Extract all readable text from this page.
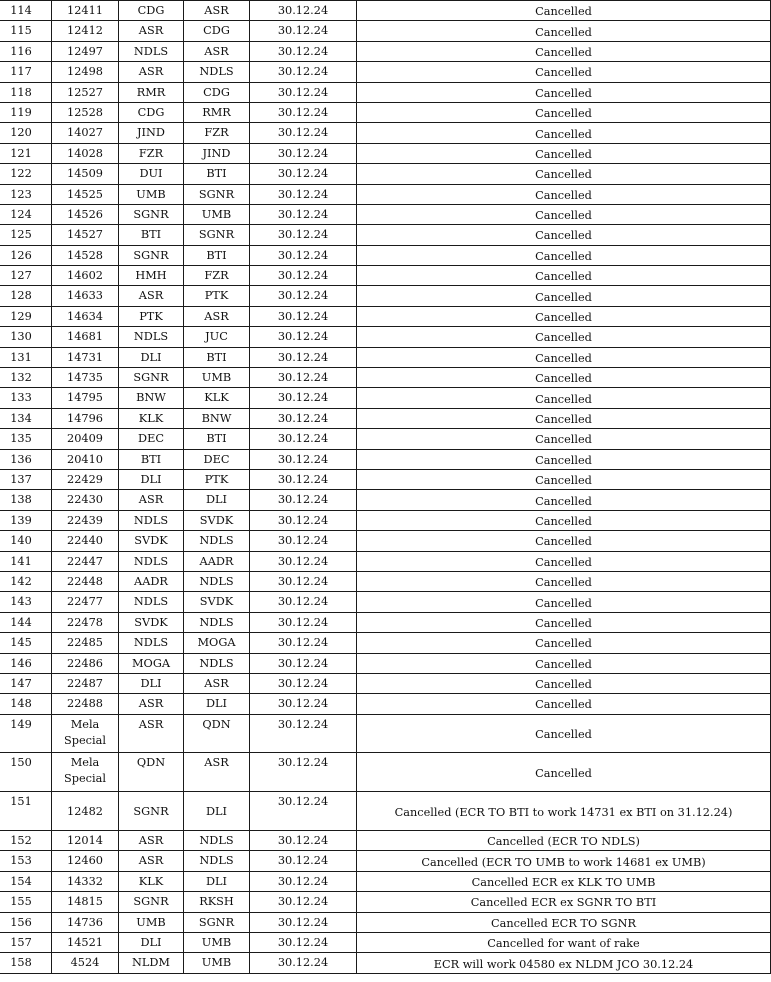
114	12411	CDG	ASR	30.12.24	Cancelled
115	12412	ASR	CDG	30.12.24	Cancelled
116	12497	NDLS	ASR	30.12.24	Cancelled
117	12498	ASR	NDLS	30.12.24	Cancelled
118	12527	RMR	CDG	30.12.24	Cancelled
119	12528	CDG	RMR	30.12.24	Cancelled
120	14027	JIND	FZR	30.12.24	Cancelled
121	14028	FZR	JIND	30.12.24	Cancelled
122	14509	DUI	BTI	30.12.24	Cancelled
123	14525	UMB	SGNR	30.12.24	Cancelled
124	14526	SGNR	UMB	30.12.24	Cancelled
125	14527	BTI	SGNR	30.12.24	Cancelled
126	14528	SGNR	BTI	30.12.24	Cancelled
127	14602	HMH	FZR	30.12.24	Cancelled
128	14633	ASR	PTK	30.12.24	Cancelled
129	14634	PTK	ASR	30.12.24	Cancelled
130	14681	NDLS	JUC	30.12.24	Cancelled
131	14731	DLI	BTI	30.12.24	Cancelled
132	14735	SGNR	UMB	30.12.24	Cancelled
133	14795	BNW	KLK	30.12.24	Cancelled
134	14796	KLK	BNW	30.12.24	Cancelled
135	20409	DEC	BTI	30.12.24	Cancelled
136	20410	BTI	DEC	30.12.24	Cancelled
137	22429	DLI	PTK	30.12.24	Cancelled
138	22430	ASR	DLI	30.12.24	Cancelled
139	22439	NDLS	SVDK	30.12.24	Cancelled
140	22440	SVDK	NDLS	30.12.24	Cancelled
141	22447	NDLS	AADR	30.12.24	Cancelled
142	22448	AADR	NDLS	30.12.24	Cancelled
143	22477	NDLS	SVDK	30.12.24	Cancelled
144	22478	SVDK	NDLS	30.12.24	Cancelled
145	22485	NDLS	MOGA	30.12.24	Cancelled
146	22486	MOGA	NDLS	30.12.24	Cancelled
147	22487	DLI	ASR	30.12.24	Cancelled
148	22488	ASR	DLI	30.12.24	Cancelled
149	Mela Special	ASR	QDN	30.12.24	Cancelled
150	Mela Special	QDN	ASR	30.12.24	Cancelled
151	12482	SGNR	DLI	30.12.24	Cancelled (ECR TO BTI to work 14731 ex BTI on 31.12.24)
152	12014	ASR	NDLS	30.12.24	Cancelled (ECR TO NDLS)
153	12460	ASR	NDLS	30.12.24	Cancelled (ECR TO UMB to work 14681 ex UMB)
154	14332	KLK	DLI	30.12.24	Cancelled ECR ex KLK TO UMB
155	14815	SGNR	RKSH	30.12.24	Cancelled ECR ex SGNR TO BTI
156	14736	UMB	SGNR	30.12.24	Cancelled ECR TO SGNR
157	14521	DLI	UMB	30.12.24	Cancelled for want of rake
158	4524	NLDM	UMB	30.12.24	ECR will work 04580 ex NLDM JCO 30.12.24
